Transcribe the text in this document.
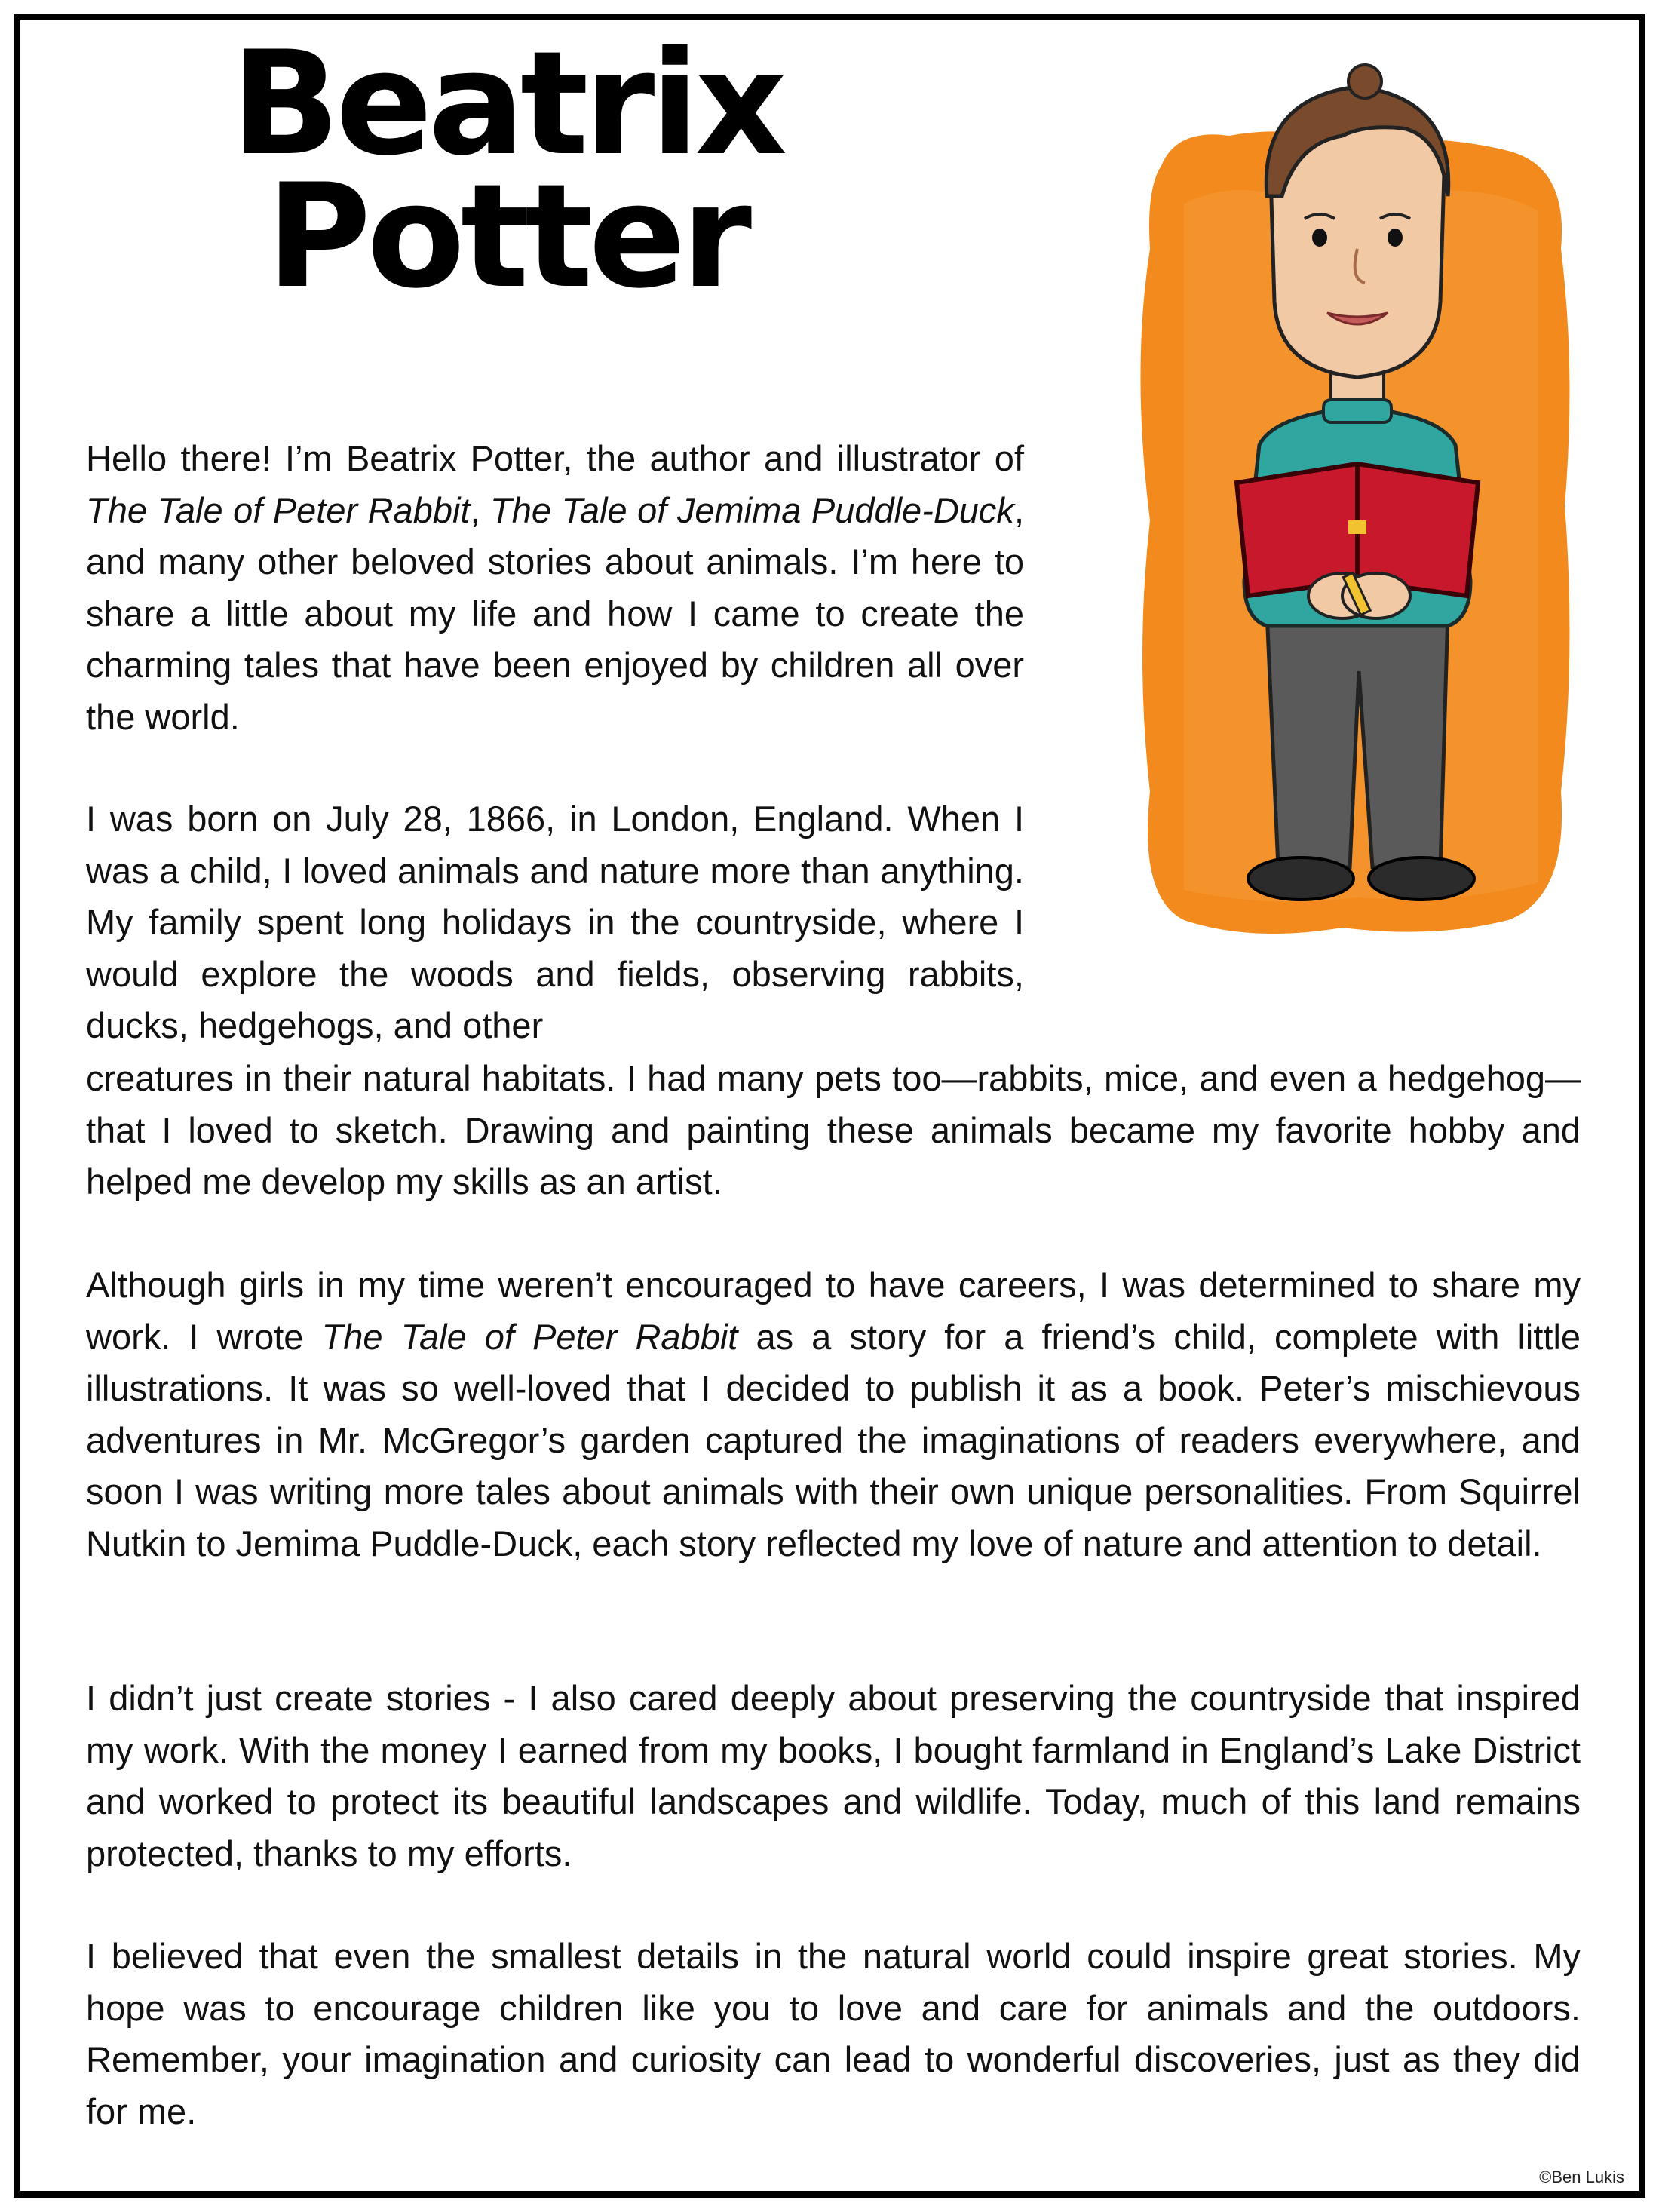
Beatrix
Potter

Hello there! I’m Beatrix Potter, the author and illustrator of The Tale of Peter Rabbit, The Tale of Jemima Puddle-Duck, and many other beloved stories about animals. I’m here to share a little about my life and how I came to create the charming tales that have been enjoyed by children all over the world.

I was born on July 28, 1866, in London, England. When I was a child, I loved animals and nature more than anything. My family spent long holidays in the countryside, where I would explore the woods and fields, observing rabbits, ducks, hedgehogs, and other

creatures in their natural habitats. I had many pets too—rabbits, mice, and even a hedgehog—that I loved to sketch. Drawing and painting these animals became my favorite hobby and helped me develop my skills as an artist.

Although girls in my time weren’t encouraged to have careers, I was determined to share my work. I wrote The Tale of Peter Rabbit as a story for a friend’s child, complete with little illustrations. It was so well-loved that I decided to publish it as a book. Peter’s mischievous adventures in Mr. McGregor’s garden captured the imaginations of readers everywhere, and soon I was writing more tales about animals with their own unique personalities. From Squirrel Nutkin to Jemima Puddle-Duck, each story reflected my love of nature and attention to detail.

I didn’t just create stories - I also cared deeply about preserving the countryside that inspired my work. With the money I earned from my books, I bought farmland in England’s Lake District and worked to protect its beautiful landscapes and wildlife. Today, much of this land remains protected, thanks to my efforts.

I believed that even the smallest details in the natural world could inspire great stories. My hope was to encourage children like you to love and care for animals and the outdoors. Remember, your imagination and curiosity can lead to wonderful discoveries, just as they did for me.

©Ben Lukis
